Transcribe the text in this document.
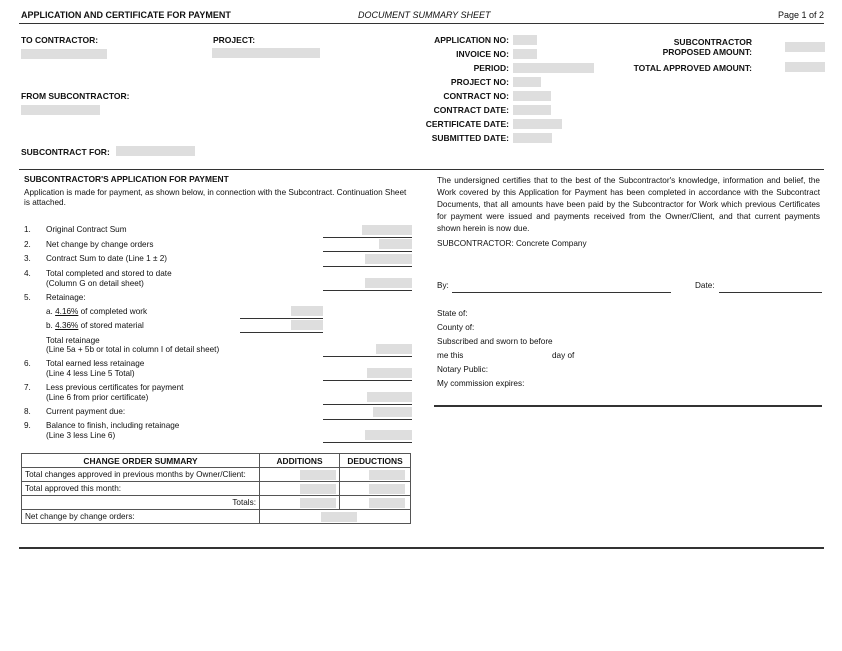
APPLICATION AND CERTIFICATE FOR PAYMENT	DOCUMENT SUMMARY SHEET	Page 1 of 2
TO CONTRACTOR:	PROJECT:
FROM SUBCONTRACTOR:
SUBCONTRACT FOR:
APPLICATION NO:
INVOICE NO:
PERIOD:
PROJECT NO:
CONTRACT NO:
CONTRACT DATE:
CERTIFICATE DATE:
SUBMITTED DATE:
SUBCONTRACTOR
PROPOSED AMOUNT:
TOTAL APPROVED AMOUNT:
SUBCONTRACTOR'S APPLICATION FOR PAYMENT
Application is made for payment, as shown below, in connection with the Subcontract. Continuation Sheet is attached.
1. Original Contract Sum
2. Net change by change orders
3. Contract Sum to date (Line 1 ± 2)
4. Total completed and stored to date
(Column G on detail sheet)
5. Retainage:
a. 4.16% of completed work
b. 4.36% of stored material
Total retainage
(Line 5a + 5b or total in column I of detail sheet)
6. Total earned less retainage
(Line 4 less Line 5 Total)
7. Less previous certificates for payment
(Line 6 from prior certificate)
8. Current payment due:
9. Balance to finish, including retainage
(Line 3 less Line 6)
CHANGE ORDER SUMMARY	ADDITIONS	DEDUCTIONS
Total changes approved in previous months by Owner/Client:	

Total approved this month:	

Totals:	

Net change by change orders:		
The undersigned certifies that to the best of the Subcontractor's knowledge, information and belief, the Work covered by this Application for Payment has been completed in accordance with the Subcontract Documents, that all amounts have been paid by the Subcontractor for Work which previous Certificates for payment were issued and payments received from the Owner/Client, and that current payments shown herein is now due.
SUBCONTRACTOR: Concrete Company
By:	Date:
State of:
County of:
Subscribed and sworn to before
me this	day of
Notary Public:
My commission expires:
